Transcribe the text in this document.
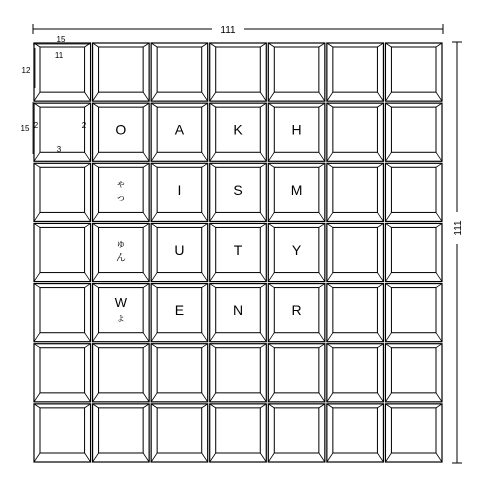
O	A	K	H
ゃ
っ
I	S	M
ゅ
ん
U	T	Y
W
ょ
E	N	R
111
111
15
11
12
15 2	2
3
